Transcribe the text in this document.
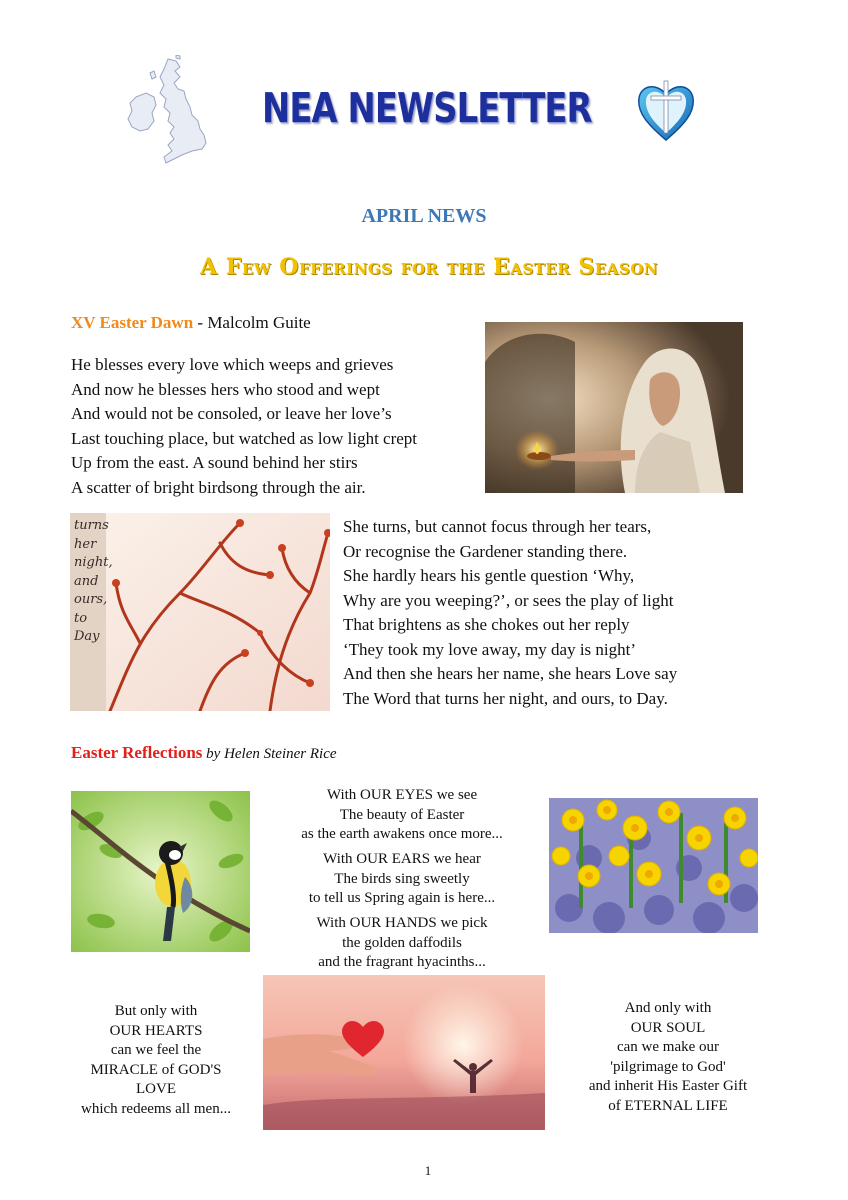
NEA NEWSLETTER
APRIL NEWS
A Few Offerings for the Easter Season
XV Easter Dawn - Malcolm Guite
He blesses every love which weeps and grieves
And now he blesses hers who stood and wept
And would not be consoled, or leave her love’s
Last touching place, but watched as low light crept
Up from the east. A sound behind her stirs
A scatter of bright birdsong through the air.
turns
her
night,
and
ours,
to
Day
She turns, but cannot focus through her tears,
Or recognise the Gardener standing there.
She hardly hears his gentle question ‘Why,
Why are you weeping?’, or sees the play of light
That brightens as she chokes out her reply
‘They took my love away, my day is night’
And then she hears her name, she hears Love say
The Word that turns her night, and ours, to Day.
Easter Reflections by Helen Steiner Rice
With OUR EYES we see
The beauty of Easter
as the earth awakens once more...
With OUR EARS we hear
The birds sing sweetly
to tell us Spring again is here...
With OUR HANDS we pick
the golden daffodils
and the fragrant hyacinths...
But only with
OUR HEARTS
can we feel the
MIRACLE of GOD'S
LOVE
which redeems all men...
And only with
OUR SOUL
can we make our
'pilgrimage to God'
and inherit His Easter Gift
of ETERNAL LIFE
1
